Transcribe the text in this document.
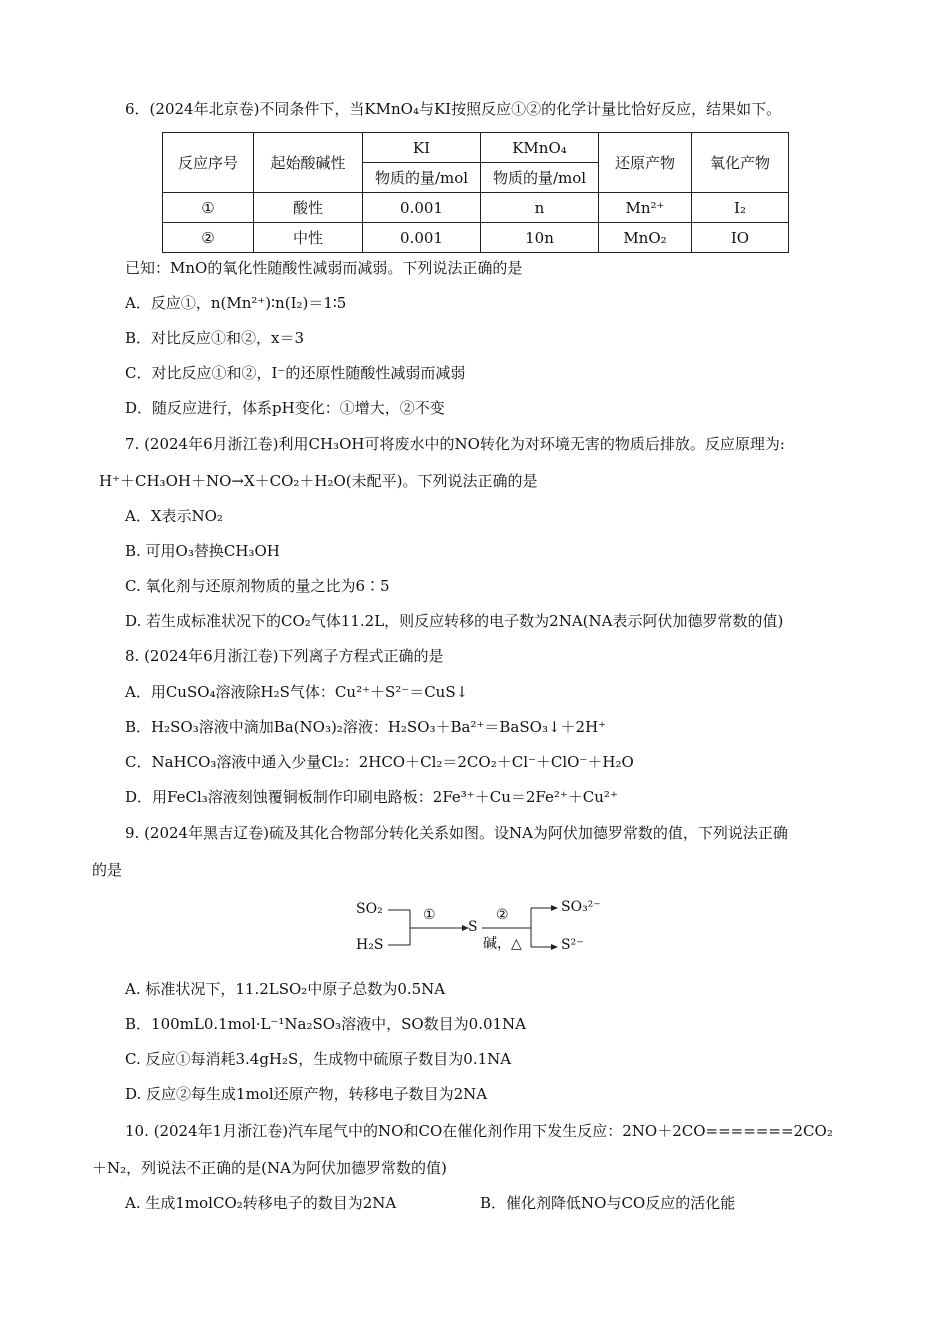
6．(2024年北京卷)不同条件下，当KMnO₄与KI按照反应①②的化学计量比恰好反应，结果如下。
反应序号	起始酸碱性	KI	KMnO₄	还原产物	氧化产物
		物质的量/mol	物质的量/mol		
①	酸性	0.001	n	Mn²⁺	I₂
②	中性	0.001	10n	MnO₂	IO
已知：MnO的氧化性随酸性减弱而减弱。下列说法正确的是
A．反应①，n(Mn²⁺)∶n(I₂)＝1∶5
B．对比反应①和②，x＝3
C．对比反应①和②，I⁻的还原性随酸性减弱而减弱
D．随反应进行，体系pH变化：①增大，②不变
7. (2024年6月浙江卷)利用CH₃OH可将废水中的NO转化为对环境无害的物质后排放。反应原理为:
H⁺＋CH₃OH＋NO→X＋CO₂＋H₂O(未配平)。下列说法正确的是
A．X表示NO₂
B. 可用O₃替换CH₃OH
C. 氧化剂与还原剂物质的量之比为6∶5
D. 若生成标准状况下的CO₂气体11.2L，则反应转移的电子数为2NA(NA表示阿伏加德罗常数的值)
8. (2024年6月浙江卷)下列离子方程式正确的是
A．用CuSO₄溶液除H₂S气体：Cu²⁺＋S²⁻＝CuS↓
B．H₂SO₃溶液中滴加Ba(NO₃)₂溶液：H₂SO₃＋Ba²⁺＝BaSO₃↓＋2H⁺
C．NaHCO₃溶液中通入少量Cl₂：2HCO＋Cl₂＝2CO₂＋Cl⁻＋ClO⁻＋H₂O
D．用FeCl₃溶液刻蚀覆铜板制作印刷电路板：2Fe³⁺＋Cu＝2Fe²⁺＋Cu²⁺
9. (2024年黑吉辽卷)硫及其化合物部分转化关系如图。设NA为阿伏加德罗常数的值，下列说法正确
的是
SO₂
H₂S
①
S
②
碱，△
SO₃²⁻
S²⁻
A. 标准状况下，11.2LSO₂中原子总数为0.5NA
B．100mL0.1mol·L⁻¹Na₂SO₃溶液中，SO数目为0.01NA
C. 反应①每消耗3.4gH₂S，生成物中硫原子数目为0.1NA
D. 反应②每生成1mol还原产物，转移电子数目为2NA
10. (2024年1月浙江卷)汽车尾气中的NO和CO在催化剂作用下发生反应：2NO＋2CO=======2CO₂
＋N₂，列说法不正确的是(NA为阿伏加德罗常数的值)
A. 生成1molCO₂转移电子的数目为2NA	B．催化剂降低NO与CO反应的活化能
